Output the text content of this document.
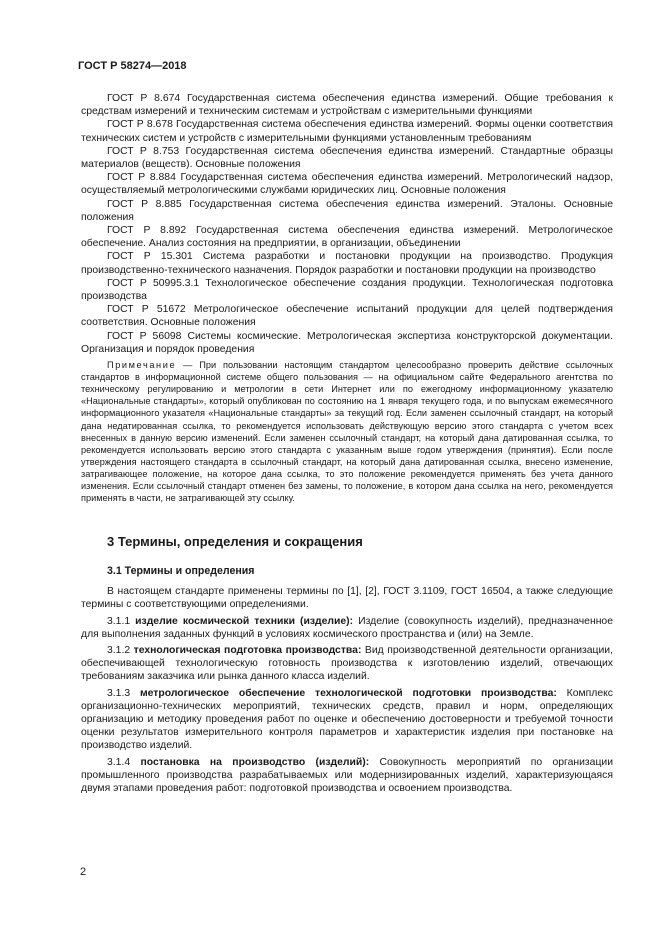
ГОСТ Р 58274—2018

ГОСТ Р 8.674 Государственная система обеспечения единства измерений. Общие требования к средствам измерений и техническим системам и устройствам с измерительными функциями

ГОСТ Р 8.678 Государственная система обеспечения единства измерений. Формы оценки соответствия технических систем и устройств с измерительными функциями установленным требованиям

ГОСТ Р 8.753 Государственная система обеспечения единства измерений. Стандартные образцы материалов (веществ). Основные положения

ГОСТ Р 8.884 Государственная система обеспечения единства измерений. Метрологический надзор, осуществляемый метрологическими службами юридических лиц. Основные положения

ГОСТ Р 8.885 Государственная система обеспечения единства измерений. Эталоны. Основные положения

ГОСТ Р 8.892 Государственная система обеспечения единства измерений. Метрологическое обеспечение. Анализ состояния на предприятии, в организации, объединении

ГОСТ Р 15.301 Система разработки и постановки продукции на производство. Продукция производственно-технического назначения. Порядок разработки и постановки продукции на производство

ГОСТ Р 50995.3.1 Технологическое обеспечение создания продукции. Технологическая подготовка производства

ГОСТ Р 51672 Метрологическое обеспечение испытаний продукции для целей подтверждения соответствия. Основные положения

ГОСТ Р 56098 Системы космические. Метрологическая экспертиза конструкторской документации. Организация и порядок проведения

Примечание — При пользовании настоящим стандартом целесообразно проверить действие ссылочных стандартов в информационной системе общего пользования — на официальном сайте Федерального агентства по техническому регулированию и метрологии в сети Интернет или по ежегодному информационному указателю «Национальные стандарты», который опубликован по состоянию на 1 января текущего года, и по выпускам ежемесячного информационного указателя «Национальные стандарты» за текущий год. Если заменен ссылочный стандарт, на который дана недатированная ссылка, то рекомендуется использовать действующую версию этого стандарта с учетом всех внесенных в данную версию изменений. Если заменен ссылочный стандарт, на который дана датированная ссылка, то рекомендуется использовать версию этого стандарта с указанным выше годом утверждения (принятия). Если после утверждения настоящего стандарта в ссылочный стандарт, на который дана датированная ссылка, внесено изменение, затрагивающее положение, на которое дана ссылка, то это положение рекомендуется применять без учета данного изменения. Если ссылочный стандарт отменен без замены, то положение, в котором дана ссылка на него, рекомендуется применять в части, не затрагивающей эту ссылку.

3 Термины, определения и сокращения
3.1 Термины и определения

В настоящем стандарте применены термины по [1], [2], ГОСТ 3.1109, ГОСТ 16504, а также следующие термины с соответствующими определениями.

3.1.1 изделие космической техники (изделие): Изделие (совокупность изделий), предназначенное для выполнения заданных функций в условиях космического пространства и (или) на Земле.

3.1.2 технологическая подготовка производства: Вид производственной деятельности организации, обеспечивающей технологическую готовность производства к изготовлению изделий, отвечающих требованиям заказчика или рынка данного класса изделий.

3.1.3 метрологическое обеспечение технологической подготовки производства: Комплекс организационно-технических мероприятий, технических средств, правил и норм, определяющих организацию и методику проведения работ по оценке и обеспечению достоверности и требуемой точности оценки результатов измерительного контроля параметров и характеристик изделия при постановке на производство изделий.

3.1.4 постановка на производство (изделий): Совокупность мероприятий по организации промышленного производства разрабатываемых или модернизированных изделий, характеризующаяся двумя этапами проведения работ: подготовкой производства и освоением производства.

2
